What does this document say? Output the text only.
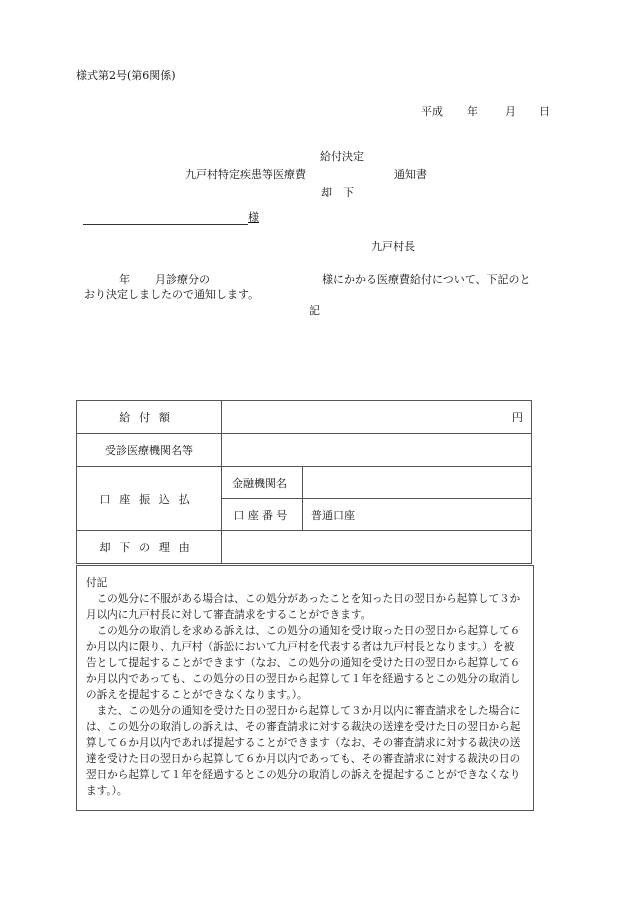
様式第2号(第6関係)
平成 年 月 日
給付決定
九戸村特定疾患等医療費	通知書
却　下
様
九戸村長
年 月診療分の	様にかかる医療費給付について、下記のと
おり決定しましたので通知します。
記
給付額	円	
受診医療機関名等		
口座振込払	金融機関名	
	口座番号	普通口座
却下の理由		

付記

この処分に不服がある場合は、この処分があったことを知った日の翌日から起算して３か月以内に九戸村長に対して審査請求をすることができます。

この処分の取消しを求める訴えは、この処分の通知を受け取った日の翌日から起算して６か月以内に限り、九戸村（訴訟において九戸村を代表する者は九戸村長となります。）を被告として提起することができます（なお、この処分の通知を受けた日の翌日から起算して６か月以内であっても、この処分の日の翌日から起算して１年を経過するとこの処分の取消しの訴えを提起することができなくなります。）。

また、この処分の通知を受けた日の翌日から起算して３か月以内に審査請求をした場合には、この処分の取消しの訴えは、その審査請求に対する裁決の送達を受けた日の翌日から起算して６か月以内であれば提起することができます（なお、その審査請求に対する裁決の送達を受けた日の翌日から起算して６か月以内であっても、その審査請求に対する裁決の日の翌日から起算して１年を経過するとこの処分の取消しの訴えを提起することができなくなります。）。
